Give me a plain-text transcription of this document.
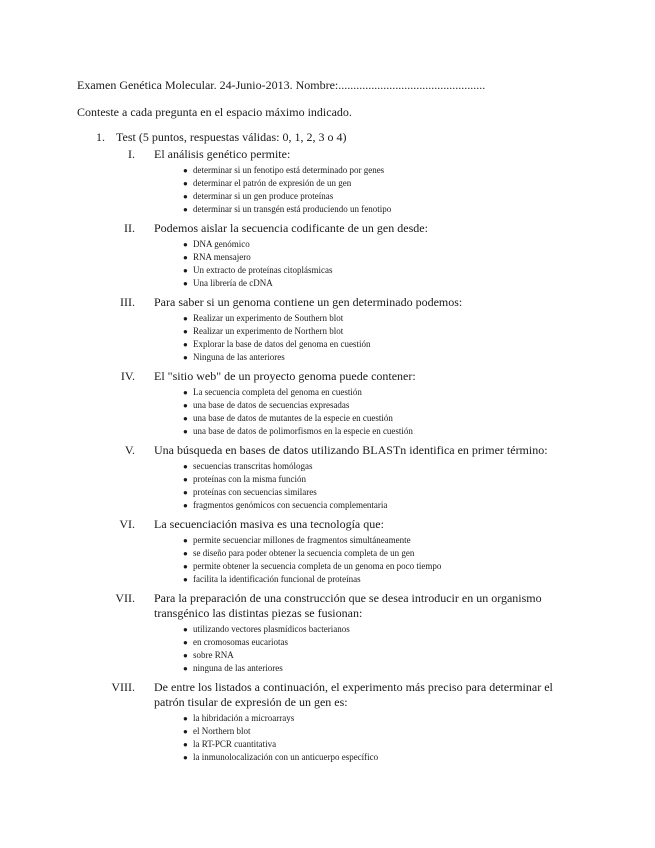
Examen Genética Molecular. 24-Junio-2013. Nombre:.................................................
Conteste a cada pregunta en el espacio máximo indicado.
1. Test (5 puntos, respuestas válidas: 0, 1, 2, 3 o 4)
I. El análisis genético permite:
● determinar si un fenotipo está determinado por genes
● determinar el patrón de expresión de un gen
● determinar si un gen produce proteínas
● determinar si un transgén está produciendo un fenotipo
II. Podemos aislar la secuencia codificante de un gen desde:
● DNA genómico
● RNA mensajero
● Un extracto de proteínas citoplásmicas
● Una librería de cDNA
III. Para saber si un genoma contiene un gen determinado podemos:
● Realizar un experimento de Southern blot
● Realizar un experimento de Northern blot
● Explorar la base de datos del genoma en cuestión
● Ninguna de las anteriores
IV. El "sitio web" de un proyecto genoma puede contener:
● La secuencia completa del genoma en cuestión
● una base de datos de secuencias expresadas
● una base de datos de mutantes de la especie en cuestión
● una base de datos de polimorfismos en la especie en cuestión
V. Una búsqueda en bases de datos utilizando BLASTn identifica en primer término:
● secuencias transcritas homólogas
● proteínas con la misma función
● proteínas con secuencias similares
● fragmentos genómicos con secuencia complementaria
VI. La secuenciación masiva es una tecnología que:
● permite secuenciar millones de fragmentos simultáneamente
● se diseño para poder obtener la secuencia completa de un gen
● permite obtener la secuencia completa de un genoma en poco tiempo
● facilita la identificación funcional de proteínas
VII. Para la preparación de una construcción que se desea introducir en un organismo transgénico las distintas piezas se fusionan:
● utilizando vectores plasmídicos bacterianos
● en cromosomas eucariotas
● sobre RNA
● ninguna de las anteriores
VIII. De entre los listados a continuación, el experimento más preciso para determinar el patrón tisular de expresión de un gen es:
● la hibridación a microarrays
● el Northern blot
● la RT-PCR cuantitativa
● la inmunolocalización con un anticuerpo específico
